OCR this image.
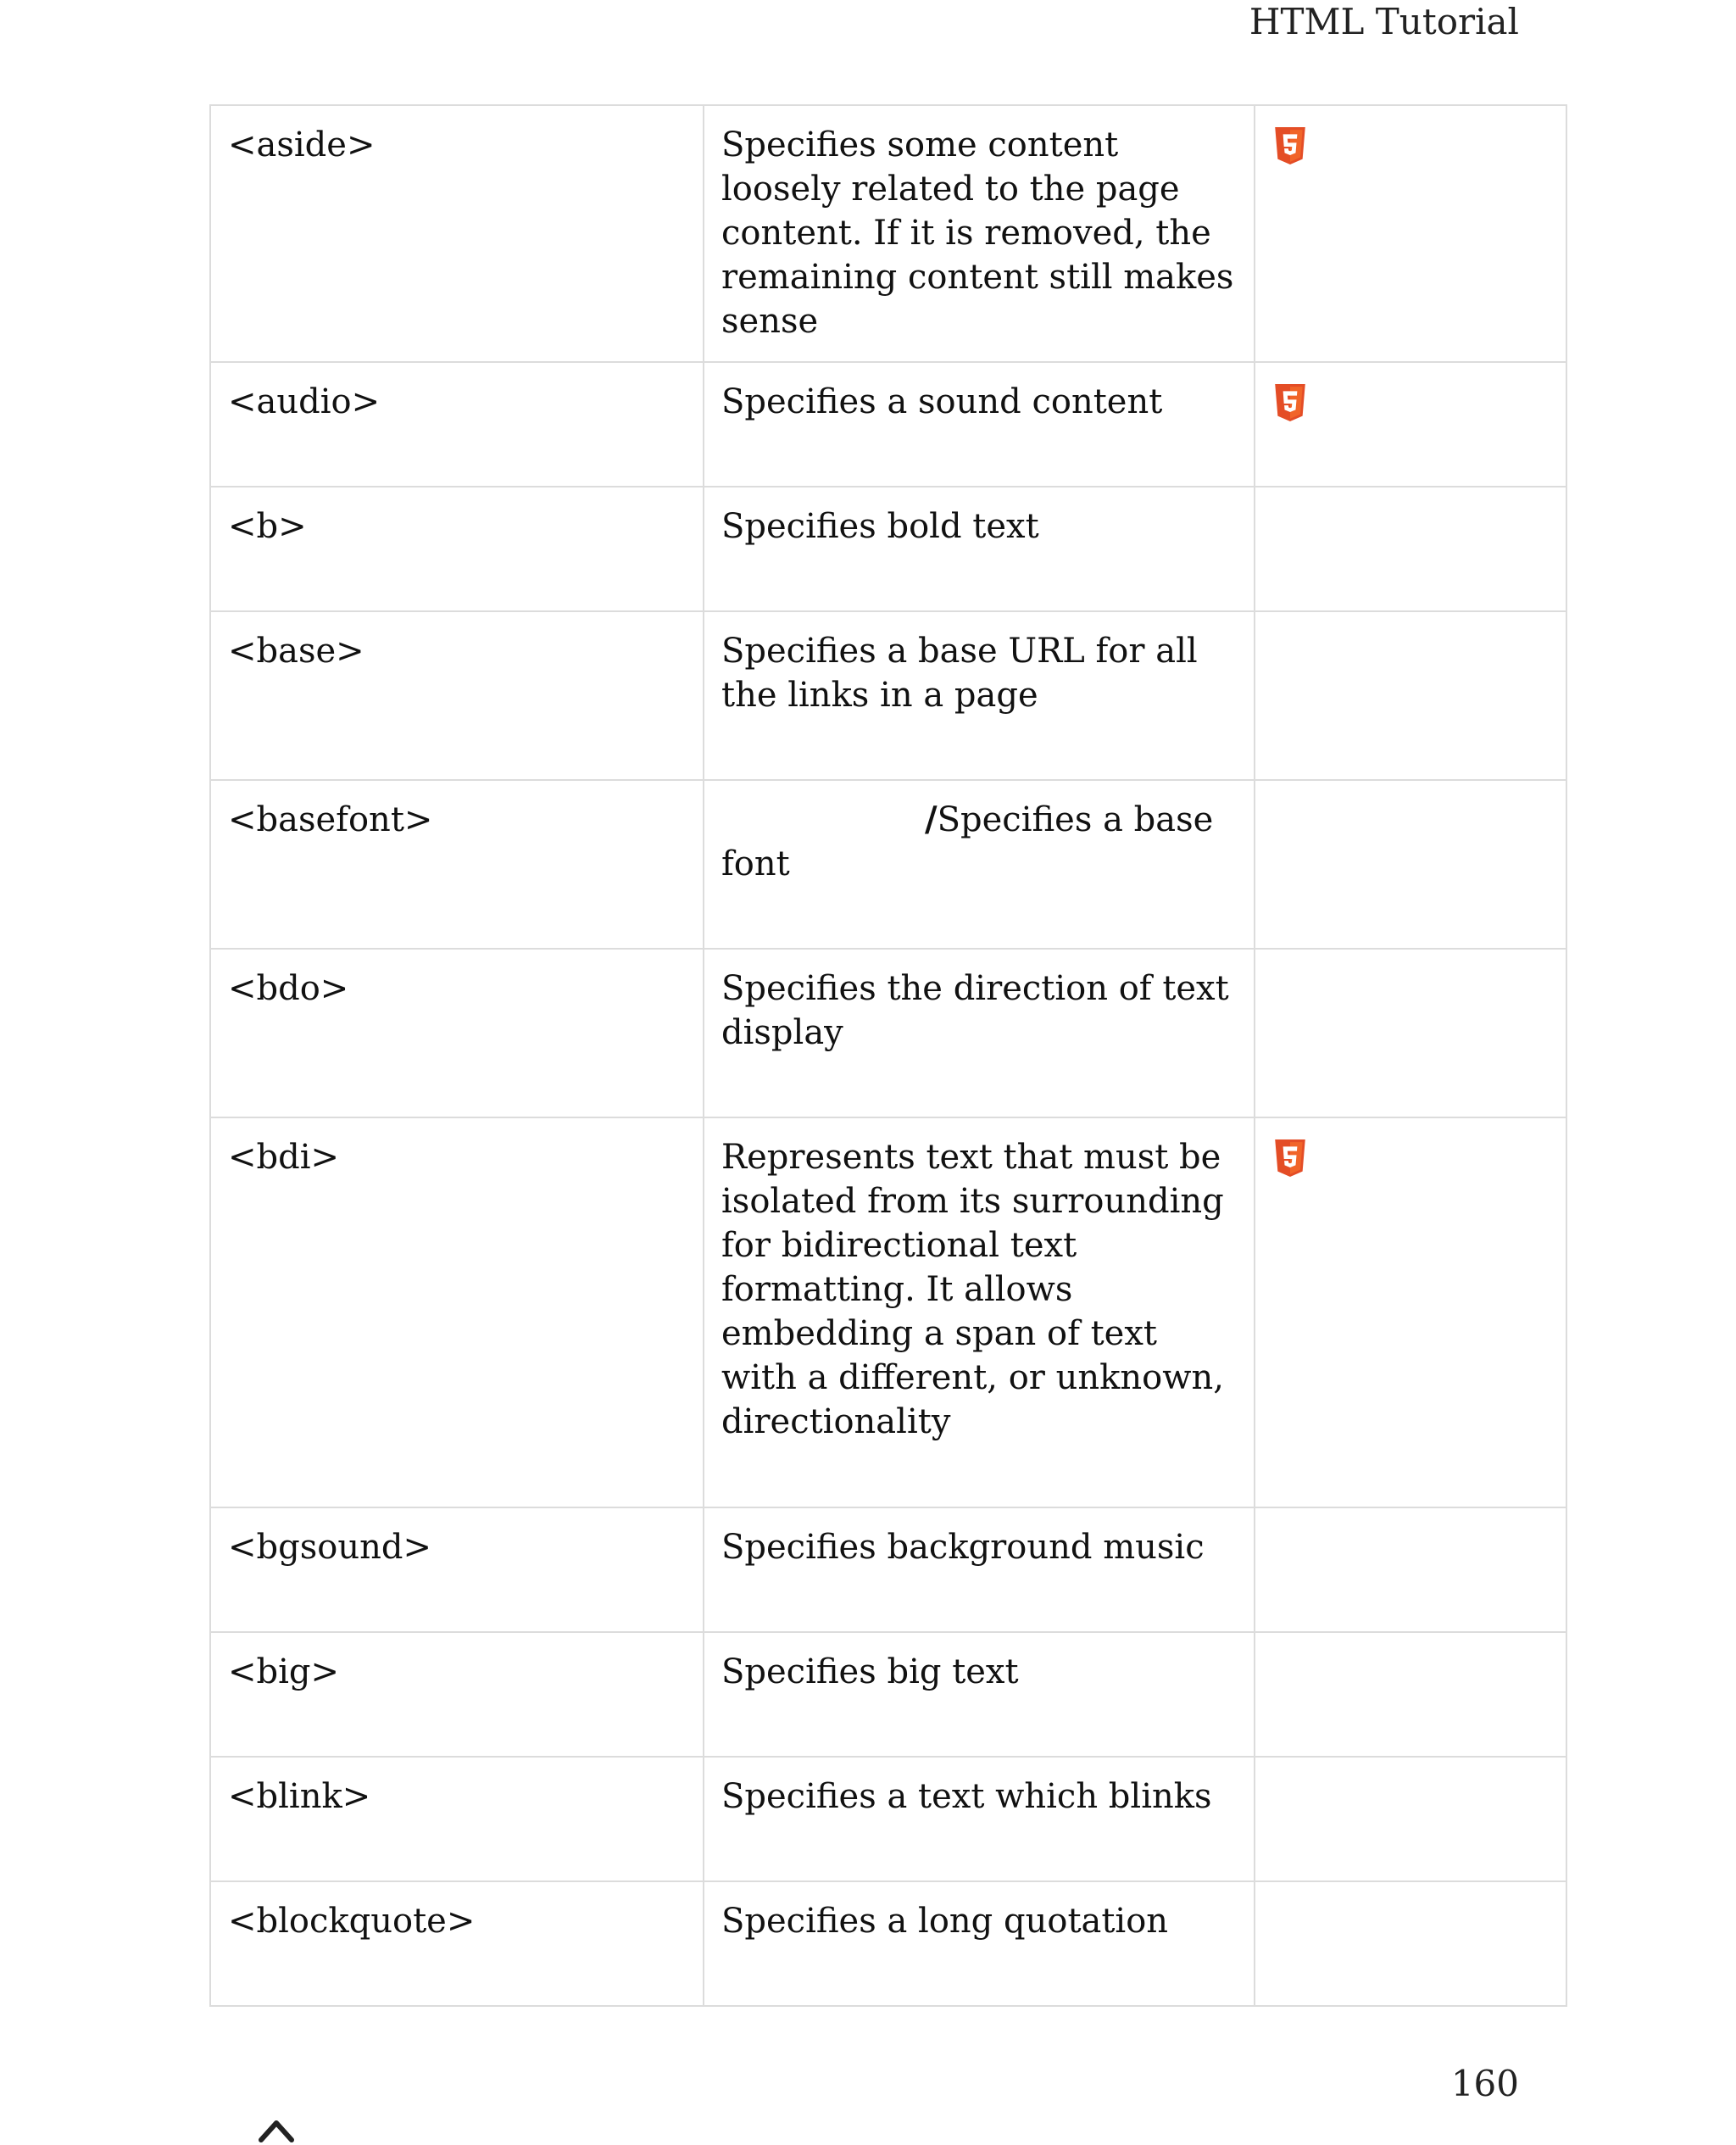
HTML Tutorial
<aside>	Specifies some content loosely related to the page content. If it is removed, the remaining content still makes sense	
<audio>	Specifies a sound content	
<b>	Specifies bold text	
<base>	Specifies a base URL for all the links in a page	
<basefont>	/Specifies a base font	
<bdo>	Specifies the direction of text display	
<bdi>	Represents text that must be isolated from its surrounding for bidirectional text formatting. It allows embedding a span of text with a different, or unknown, directionality	
<bgsound>	Specifies background music	
<big>	Specifies big text	
<blink>	Specifies a text which blinks	
<blockquote>	Specifies a long quotation	
160
